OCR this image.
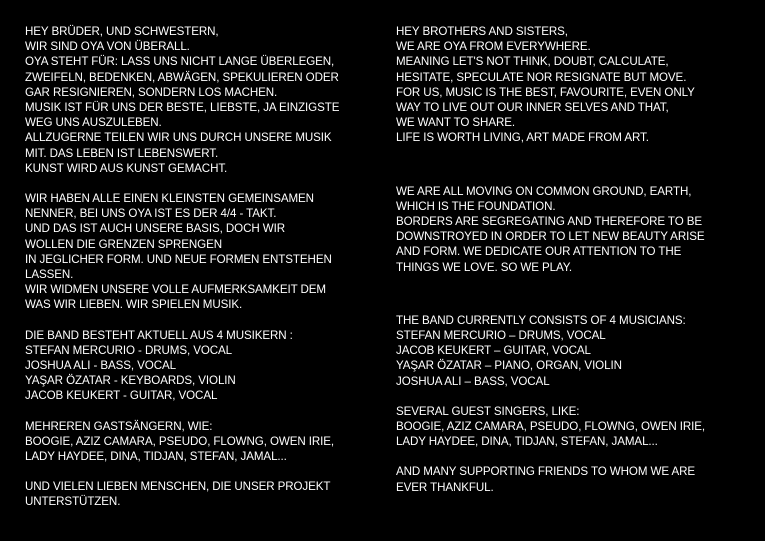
HEY BRÜDER, UND SCHWESTERN,
WIR SIND OYA VON ÜBERALL.
OYA STEHT FÜR: LASS UNS NICHT LANGE ÜBERLEGEN,
ZWEIFELN, BEDENKEN, ABWÄGEN, SPEKULIEREN ODER
GAR RESIGNIEREN, SONDERN LOS MACHEN.
MUSIK IST FÜR UNS DER BESTE, LIEBSTE, JA EINZIGSTE
WEG UNS AUSZULEBEN.
ALLZUGERNE TEILEN WIR UNS DURCH UNSERE MUSIK
MIT. DAS LEBEN IST LEBENSWERT.
KUNST WIRD AUS KUNST GEMACHT.

WIR HABEN ALLE EINEN KLEINSTEN GEMEINSAMEN
NENNER, BEI UNS OYA IST ES DER 4/4 - TAKT.
UND DAS IST AUCH UNSERE BASIS, DOCH WIR
WOLLEN DIE GRENZEN SPRENGEN
IN JEGLICHER FORM. UND NEUE FORMEN ENTSTEHEN
LASSEN.
WIR WIDMEN UNSERE VOLLE AUFMERKSAMKEIT DEM
WAS WIR LIEBEN. WIR SPIELEN MUSIK.

DIE BAND BESTEHT AKTUELL AUS 4 MUSIKERN :
STEFAN MERCURIO - DRUMS, VOCAL
JOSHUA ALI - BASS, VOCAL
YAŞAR ÖZATAR - KEYBOARDS, VIOLIN
JACOB KEUKERT - GUITAR, VOCAL

MEHREREN GASTSÄNGERN, WIE:
BOOGIE, AZIZ CAMARA, PSEUDO, FLOWNG, OWEN IRIE,
LADY HAYDEE, DINA, TIDJAN, STEFAN, JAMAL...

UND VIELEN LIEBEN MENSCHEN, DIE UNSER PROJEKT
UNTERSTÜTZEN.

HEY BROTHERS AND SISTERS,
WE ARE OYA FROM EVERYWHERE.
MEANING LET'S NOT THINK, DOUBT, CALCULATE,
HESITATE, SPECULATE NOR RESIGNATE BUT MOVE.
FOR US, MUSIC IS THE BEST, FAVOURITE, EVEN ONLY
WAY TO LIVE OUT OUR INNER SELVES AND THAT,
WE WANT TO SHARE.
LIFE IS WORTH LIVING, ART MADE FROM ART.

WE ARE ALL MOVING ON COMMON GROUND, EARTH,
WHICH IS THE FOUNDATION.
BORDERS ARE SEGREGATING AND THEREFORE TO BE
DOWNSTROYED IN ORDER TO LET NEW BEAUTY ARISE
AND FORM. WE DEDICATE OUR ATTENTION TO THE
THINGS WE LOVE. SO WE PLAY.

THE BAND CURRENTLY CONSISTS OF 4 MUSICIANS:
STEFAN MERCURIO – DRUMS, VOCAL
JACOB KEUKERT – GUITAR, VOCAL
YAŞAR ÖZATAR – PIANO, ORGAN, VIOLIN
JOSHUA ALI – BASS, VOCAL

SEVERAL GUEST SINGERS, LIKE:
BOOGIE, AZIZ CAMARA, PSEUDO, FLOWNG, OWEN IRIE,
LADY HAYDEE, DINA, TIDJAN, STEFAN, JAMAL...

AND MANY SUPPORTING FRIENDS TO WHOM WE ARE
EVER THANKFUL.
